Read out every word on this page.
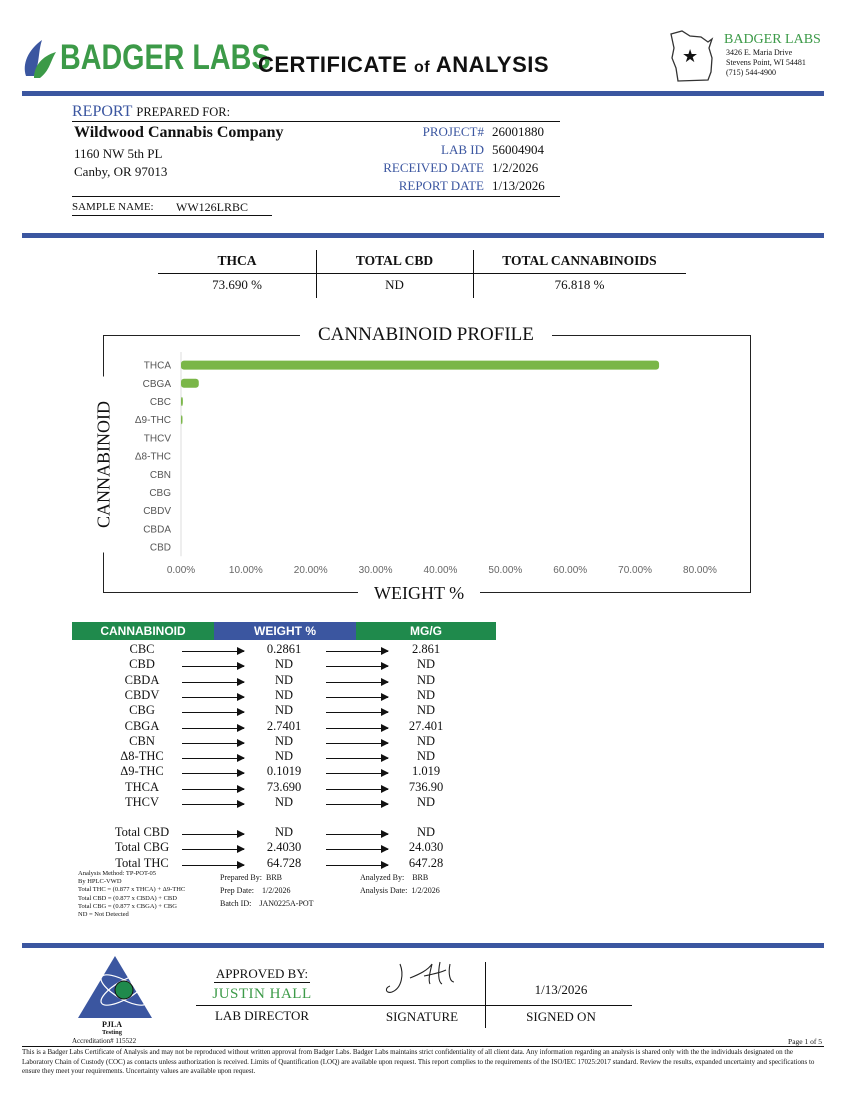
BADGER LABS
CERTIFICATE of ANALYSIS	★
BADGER LABS
3426 E. Maria Drive
Stevens Point, WI 54481
(715) 544-4900
REPORT PREPARED FOR:
Wildwood Cannabis Company
1160 NW 5th PL
Canby, OR 97013
PROJECT# 26001880
LAB ID 56004904
RECEIVED DATE 1/2/2026
REPORT DATE 1/13/2026
SAMPLE NAME: WW126LRBC
THCA	TOTAL CBD	TOTAL CANNABINOIDS
73.690 %	ND	76.818 %
CANNABINOID PROFILE
WEIGHT %
CANNABINOID
THCA
CBGA
CBC
Δ9-THC
THCV
Δ8-THC
CBN
CBG
CBDV
CBDA
CBD
0.00%	10.00%	20.00%	30.00%	40.00%	50.00%	60.00%	70.00%	80.00%
CANNABINOID	WEIGHT %	MG/G
CBC	0.2861	2.861
CBD	ND	ND
CBDA	ND	ND
CBDV	ND	ND
CBG	ND	ND
CBGA	2.7401	27.401
CBN	ND	ND
Δ8-THC	ND	ND
Δ9-THC	0.1019	1.019
THCA	73.690	736.90
THCV	ND	ND
Total CBD	ND	ND
Total CBG	2.4030	24.030
Total THC	64.728	647.28
Analysis Method: TP-POT-05
By HPLC-VWD
Total THC = (0.877 x THCA) + Δ9-THC
Total CBD = (0.877 x CBDA) + CBD
Total CBG = (0.877 x CBGA) + CBG
ND = Not Detected
Prepared By: BRB
Prep Date: 1/2/2026
Batch ID: JAN0225A-POT
Analyzed By: BRB
Analysis Date: 1/2/2026
PJLA
Testing
Accreditation# 115522
APPROVED BY:
JUSTIN HALL
LAB DIRECTOR	SIGNATURE
1/13/2026
SIGNED ON
Page 1 of 5
This is a Badger Labs Certificate of Analysis and may not be reproduced without written approval from Badger Labs. Badger Labs maintains strict confidentiality of all client data. Any information regarding an analysis is shared only with the the individuals designated on the Laboratory Chain of Custody (COC) as contacts unless authorization is received. Limits of Quantification (LOQ) are available upon request. This report complies to the requirements of the ISO/IEC 17025:2017 standard. Review the results, expanded uncertainty and specifications to ensure they meet your requirements. Uncertainty values are available upon request.
